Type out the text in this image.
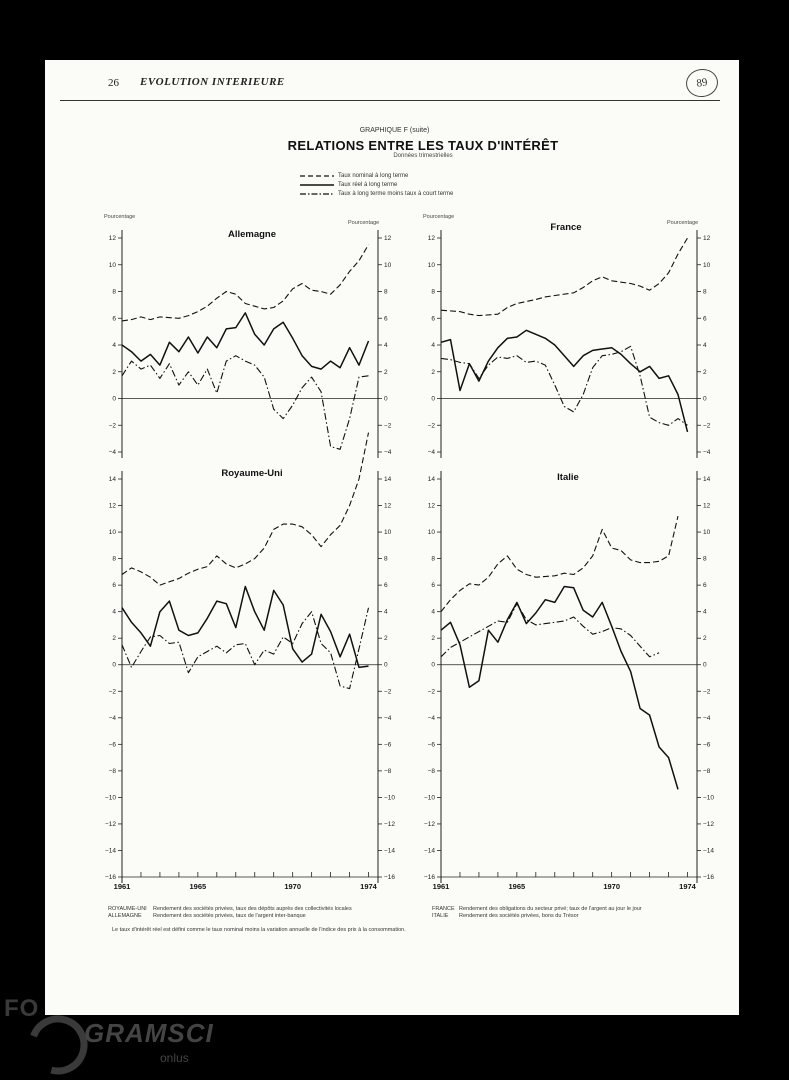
26 EVOLUTION INTERIEURE	89
GRAPHIQUE F (suite)
RELATIONS ENTRE LES TAUX D'INTÉRÊT
Données trimestrielles
Taux nominal à long terme
Taux réel à long terme
Taux à long terme moins taux à court terme
Pourcentage
Pourcentage
−4	−4
−2	−2
0	0
2	2
4	4
6	6
8	8
10	10
12	12
Allemagne
Pourcentage
Pourcentage
−4	−4
−2	−2
0	0
2	2
4	4
6	6
8	8
10	10
12	12
France
−16	−16
−14	−14
−12	−12
−10	−10
−8	−8
−6	−6
−4	−4
−2	−2
0	0
2	2
4	4
6	6
8	8
10	10
12	12
14	14
1961	1965	1970	1974
Royaume-Uni
−16	−16
−14	−14
−12	−12
−10	−10
−8	−8
−6	−6
−4	−4
−2	−2
0	0
2	2
4	4
6	6
8	8
10	10
12	12
14	14
1961	1965	1970	1974
Italie
ROYAUME-UNI Rendement des sociétés privées, taux des dépôts auprès des collectivités locales
ALLEMAGNE Rendement des sociétés privées, taux de l'argent inter-banque
FRANCE Rendement des obligations du secteur privé; taux de l'argent au jour le jour
ITALIE Rendement des sociétés privées, bons du Trésor
Le taux d'intérêt réel est défini comme le taux nominal moins la variation annuelle de l'indice des prix à la consommation.
FO
GRAMSCI
onlus
